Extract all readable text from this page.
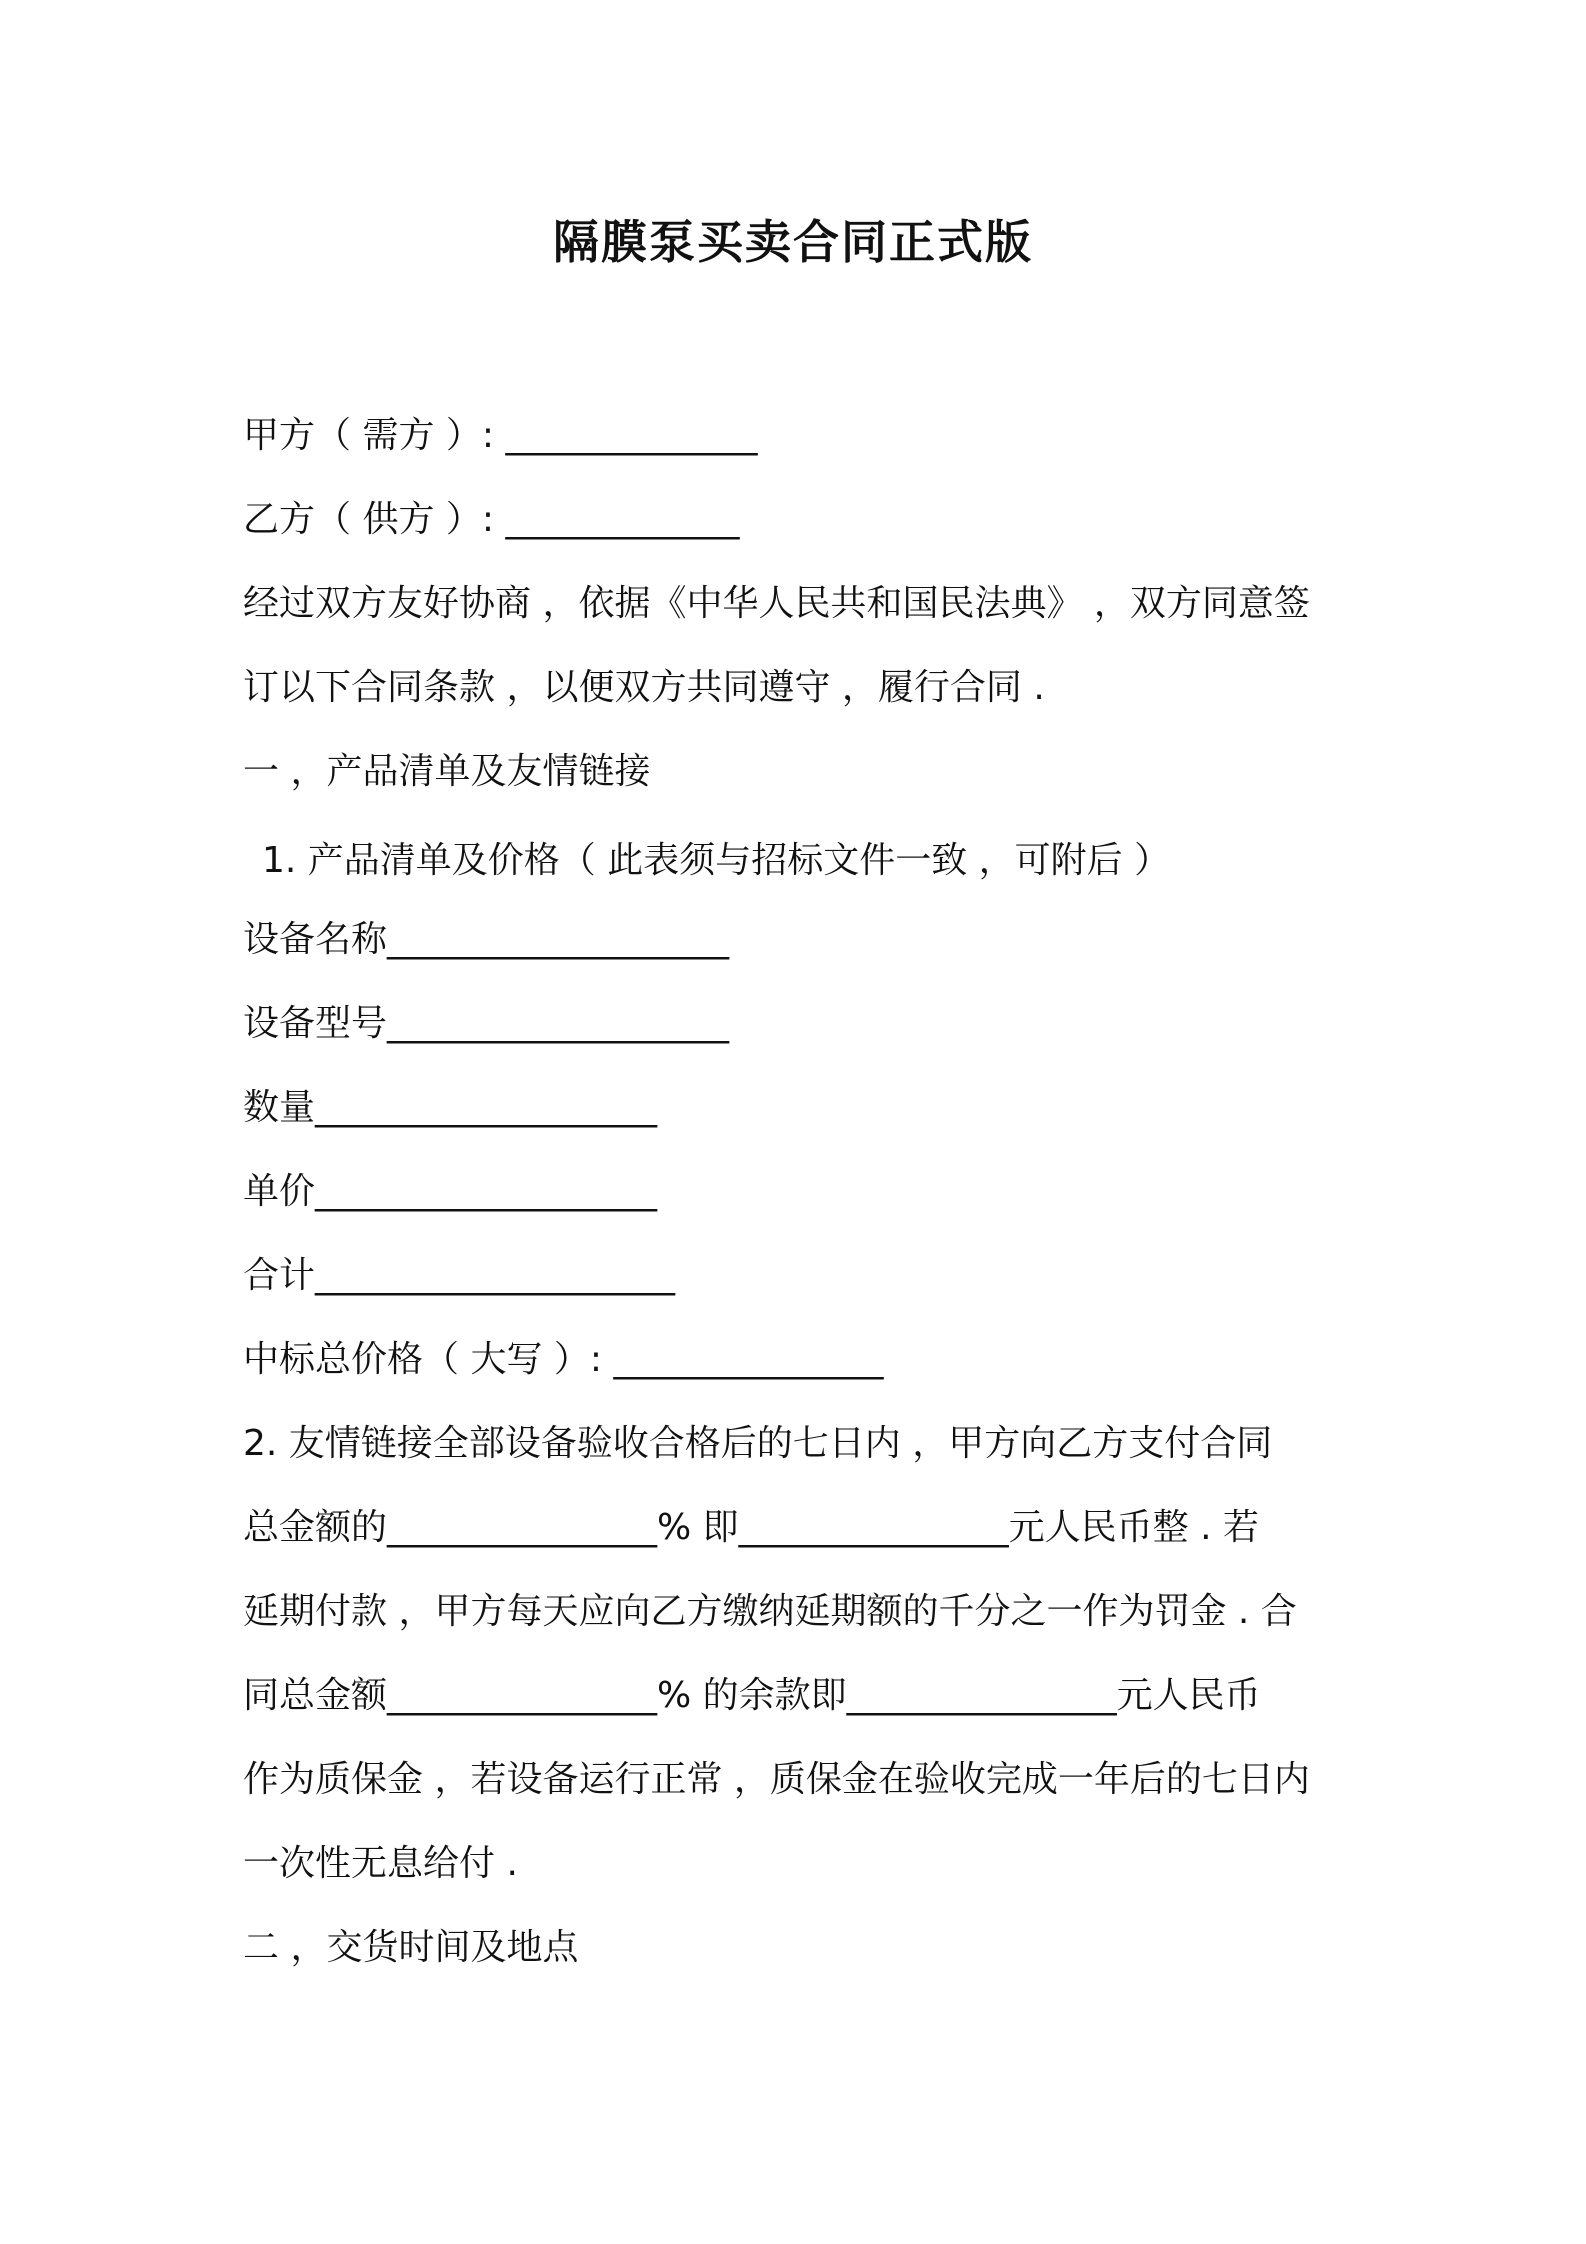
隔膜泵买卖合同正式版
甲方（ 需方 ）: ______________
乙方（ 供方 ）: _____________
经过双方友好协商 ，依据《中华人民共和国民法典》 ，双方同意签
订以下合同条款 ，以便双方共同遵守 ，履行合同 .
一 ，产品清单及友情链接
1. 产品清单及价格（ 此表须与招标文件一致 ，可附后 ）
设备名称___________________
设备型号___________________
数量___________________
单价___________________
合计____________________
中标总价格（ 大写 ）: _______________
2. 友情链接全部设备验收合格后的七日内 ，甲方向乙方支付合同
总金额的_______________% 即_______________元人民币整 . 若
延期付款 ，甲方每天应向乙方缴纳延期额的千分之一作为罚金 . 合
同总金额_______________% 的余款即_______________元人民币
作为质保金 ，若设备运行正常 ，质保金在验收完成一年后的七日内
一次性无息给付 .
二 ，交货时间及地点
